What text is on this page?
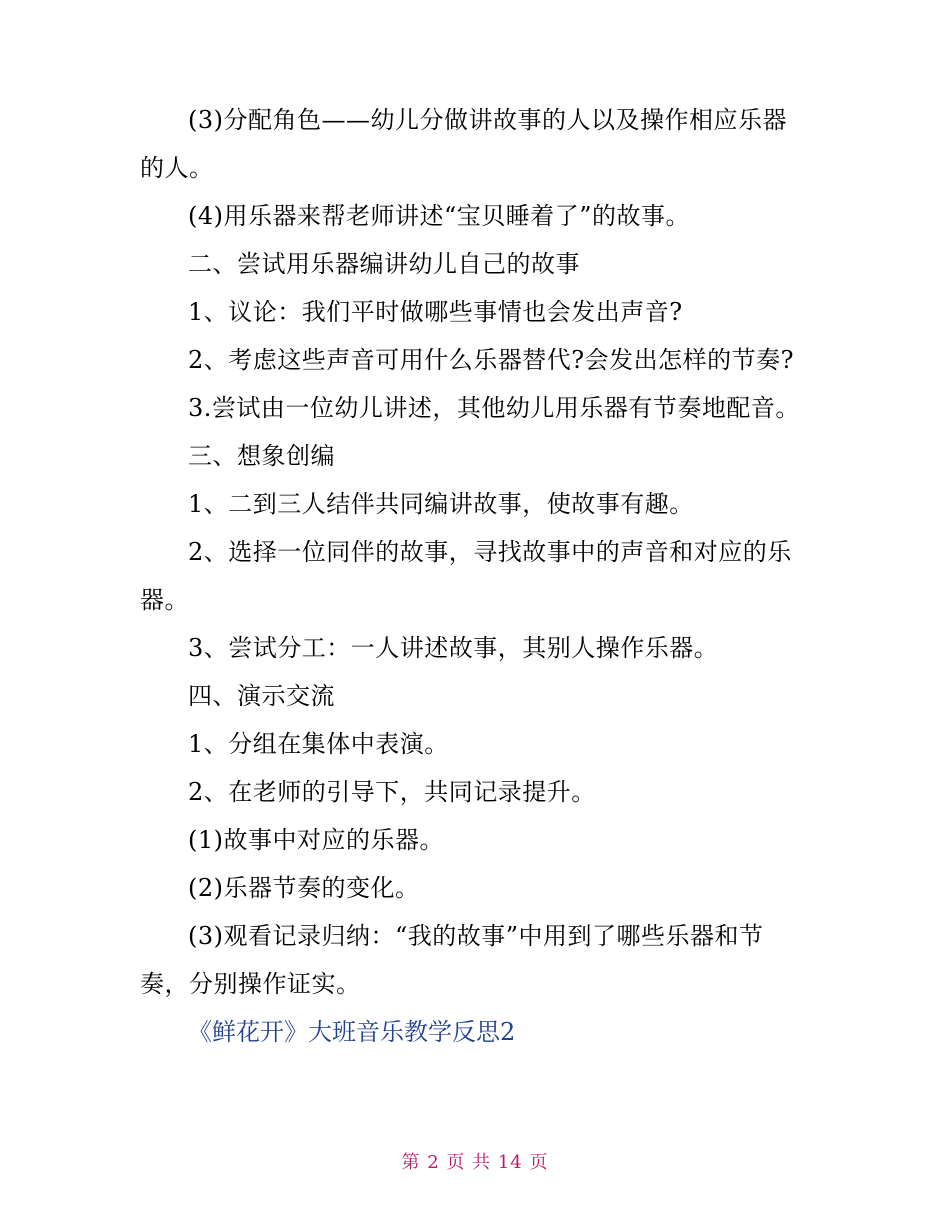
(3)分配角色——幼儿分做讲故事的人以及操作相应乐器的人。

(4)用乐器来帮老师讲述“宝贝睡着了”的故事。

二、尝试用乐器编讲幼儿自己的故事

1、议论：我们平时做哪些事情也会发出声音?

2、考虑这些声音可用什么乐器替代?会发出怎样的节奏?

3.尝试由一位幼儿讲述，其他幼儿用乐器有节奏地配音。

三、想象创编

1、二到三人结伴共同编讲故事，使故事有趣。

2、选择一位同伴的故事，寻找故事中的声音和对应的乐器。

3、尝试分工：一人讲述故事，其别人操作乐器。

四、演示交流

1、分组在集体中表演。

2、在老师的引导下，共同记录提升。

(1)故事中对应的乐器。

(2)乐器节奏的变化。

(3)观看记录归纳：“我的故事”中用到了哪些乐器和节奏，分别操作证实。

《鲜花开》大班音乐教学反思2

第 2 页 共 14 页
